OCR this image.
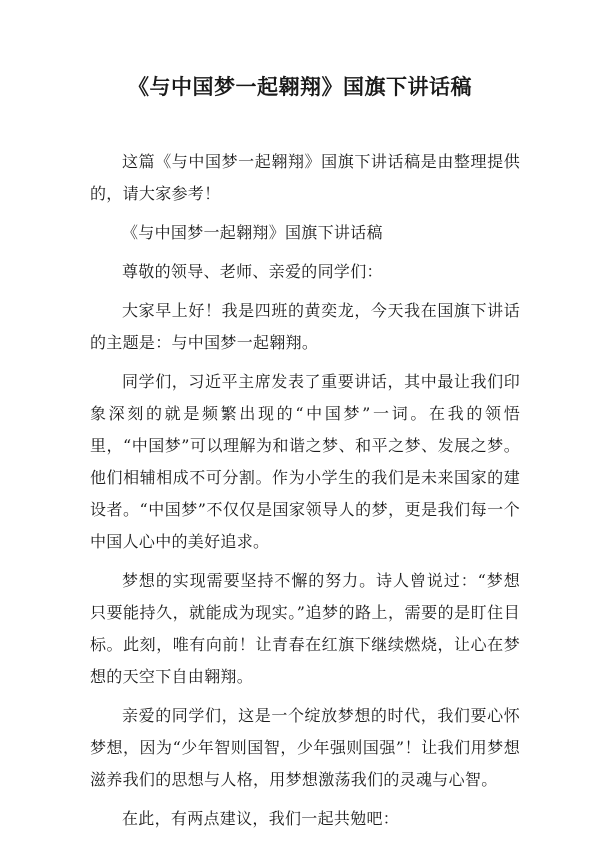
《与中国梦一起翱翔》国旗下讲话稿

这篇《与中国梦一起翱翔》国旗下讲话稿是由整理提供的，请大家参考！

《与中国梦一起翱翔》国旗下讲话稿

尊敬的领导、老师、亲爱的同学们：

大家早上好！我是四班的黄奕龙，今天我在国旗下讲话的主题是：与中国梦一起翱翔。

同学们，习近平主席发表了重要讲话，其中最让我们印象深刻的就是频繁出现的“中国梦”一词。在我的领悟里，“中国梦”可以理解为和谐之梦、和平之梦、发展之梦。他们相辅相成不可分割。作为小学生的我们是未来国家的建设者。“中国梦”不仅仅是国家领导人的梦，更是我们每一个中国人心中的美好追求。

梦想的实现需要坚持不懈的努力。诗人曾说过：“梦想只要能持久，就能成为现实。”追梦的路上，需要的是盯住目标。此刻，唯有向前！让青春在红旗下继续燃烧，让心在梦想的天空下自由翱翔。

亲爱的同学们，这是一个绽放梦想的时代，我们要心怀梦想，因为“少年智则国智，少年强则国强”！让我们用梦想滋养我们的思想与人格，用梦想激荡我们的灵魂与心智。

在此，有两点建议，我们一起共勉吧：
